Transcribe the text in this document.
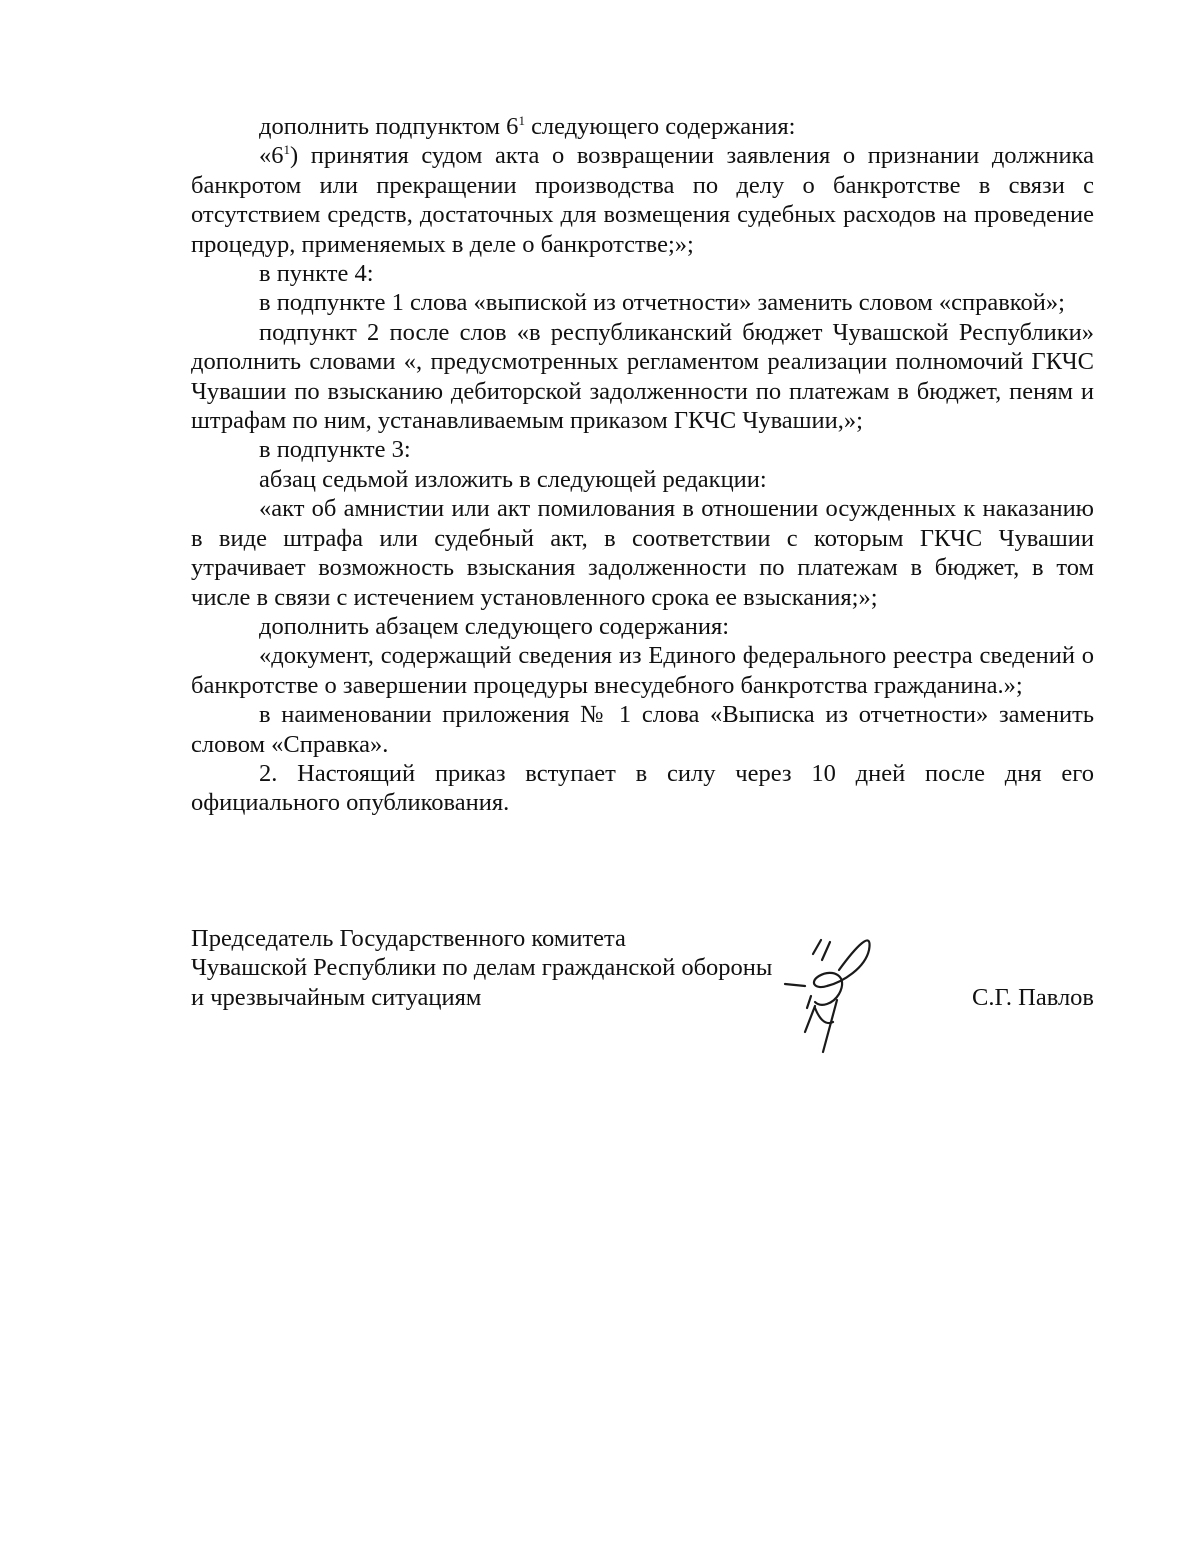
дополнить подпунктом $6^1$ следующего содержания:

«$6^1$) принятия судом акта о возвращении заявления о признании должника банкротом или прекращении производства по делу о банкротстве в связи с отсутствием средств, достаточных для возмещения судебных расходов на проведение процедур, применяемых в деле о банкротстве;»;

в пункте 4:

в подпункте 1 слова «выпиской из отчетности» заменить словом «справкой»;

подпункт 2 после слов «в республиканский бюджет Чувашской Республики» дополнить словами «, предусмотренных регламентом реализации полномочий ГКЧС Чувашии по взысканию дебиторской задолженности по платежам в бюджет, пеням и штрафам по ним, устанавливаемым приказом ГКЧС Чувашии,»;

в подпункте 3:

абзац седьмой изложить в следующей редакции:

«акт об амнистии или акт помилования в отношении осужденных к наказанию в виде штрафа или судебный акт, в соответствии с которым ГКЧС Чувашии утрачивает возможность взыскания задолженности по платежам в бюджет, в том числе в связи с истечением установленного срока ее взыскания;»;

дополнить абзацем следующего содержания:

«документ, содержащий сведения из Единого федерального реестра сведений о банкротстве о завершении процедуры внесудебного банкротства гражданина.»;

в наименовании приложения № 1 слова «Выписка из отчетности» заменить словом «Справка».

2. Настоящий приказ вступает в силу через 10 дней после дня его официального опубликования.

Председатель Государственного комитета
Чувашской Республики по делам гражданской обороны
и чрезвычайным ситуациям	С.Г. Павлов
